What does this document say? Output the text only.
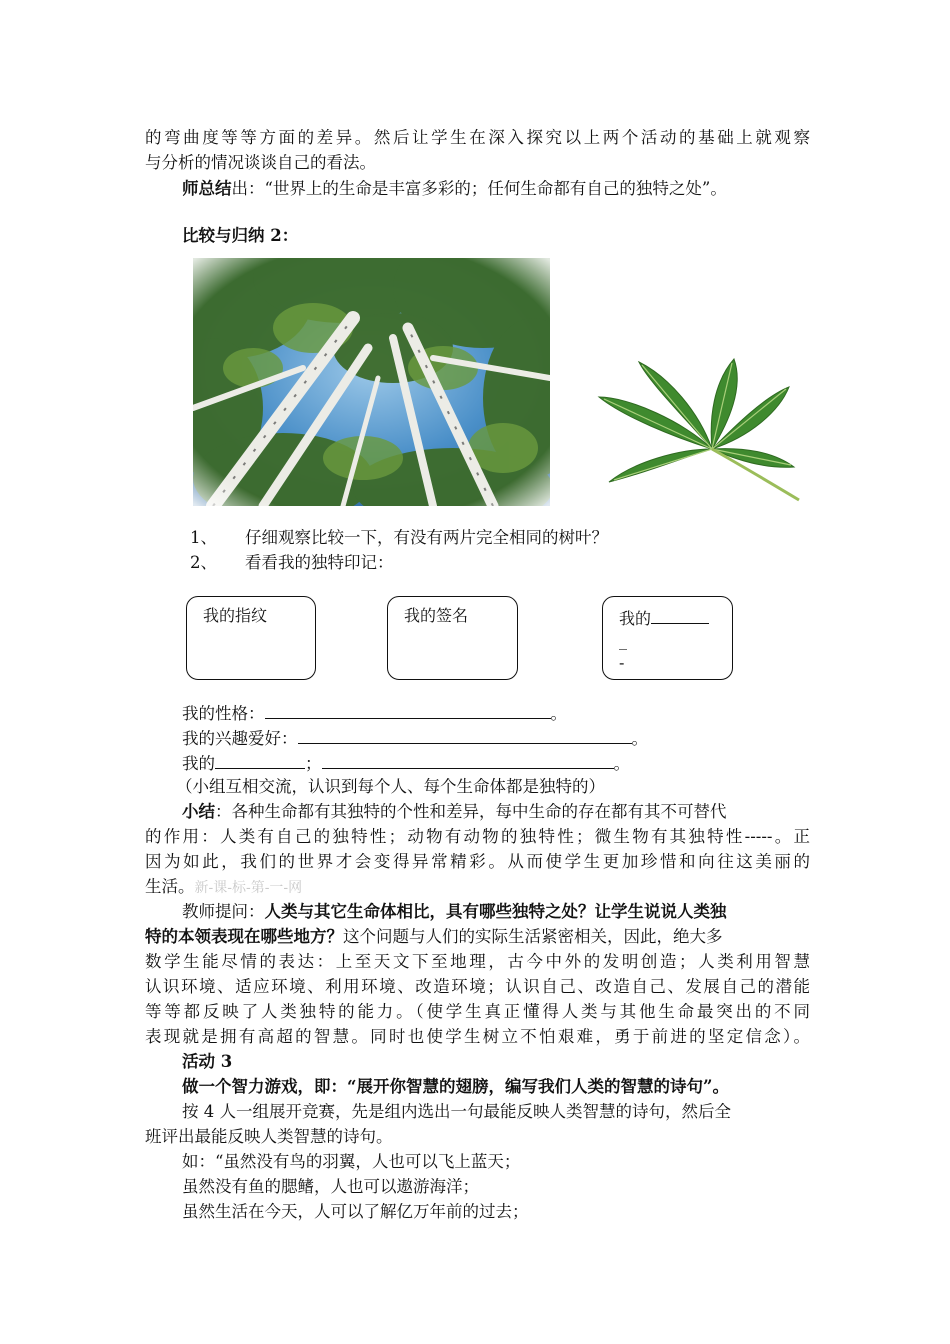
的弯曲度等等方面的差异。然后让学生在深入探究以上两个活动的基础上就观察
与分析的情况谈谈自己的看法。
师总结出：“世界上的生命是丰富多彩的；任何生命都有自己的独特之处”。
比较与归纳 2：
1、 仔细观察比较一下，有没有两片完全相同的树叶？
2、 看看我的独特印记：
我的指纹	我的签名	我的
_
-
我的性格：	。
我的兴趣爱好：	。
我的	；	。
（小组互相交流，认识到每个人、每个生命体都是独特的）
小结：各种生命都有其独特的个性和差异，每中生命的存在都有其不可替代
的作用：人类有自己的独特性；动物有动物的独特性；微生物有其独特性-----。正
因为如此，我们的世界才会变得异常精彩。从而使学生更加珍惜和向往这美丽的
生活。新-课-标-第-一-网
教师提问：人类与其它生命体相比，具有哪些独特之处？让学生说说人类独
特的本领表现在哪些地方？这个问题与人们的实际生活紧密相关，因此，绝大多
数学生能尽情的表达：上至天文下至地理，古今中外的发明创造；人类利用智慧
认识环境、适应环境、利用环境、改造环境；认识自己、改造自己、发展自己的潜能
等等都反映了人类独特的能力。（使学生真正懂得人类与其他生命最突出的不同
表现就是拥有高超的智慧。同时也使学生树立不怕艰难，勇于前进的坚定信念）。
活动 3
做一个智力游戏，即：“展开你智慧的翅膀，编写我们人类的智慧的诗句”。
按 4 人一组展开竞赛，先是组内选出一句最能反映人类智慧的诗句，然后全
班评出最能反映人类智慧的诗句。
如：“虽然没有鸟的羽翼，人也可以飞上蓝天；
虽然没有鱼的腮鳍，人也可以遨游海洋；
虽然生活在今天，人可以了解亿万年前的过去；
